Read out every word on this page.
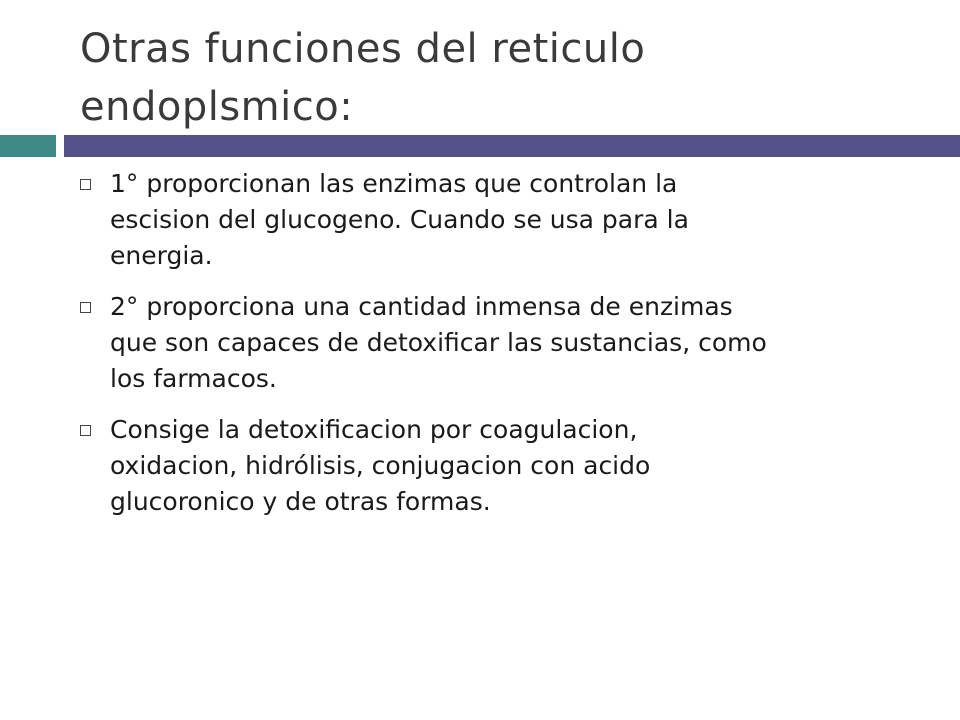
Otras funciones del reticulo endoplsmico:
1° proporcionan las enzimas que controlan la escision del glucogeno. Cuando se usa para la energia.
2° proporciona una cantidad inmensa de enzimas que son capaces de detoxificar las sustancias, como los farmacos.
Consige la detoxificacion por coagulacion, oxidacion, hidrólisis, conjugacion con acido glucoronico y de otras formas.
